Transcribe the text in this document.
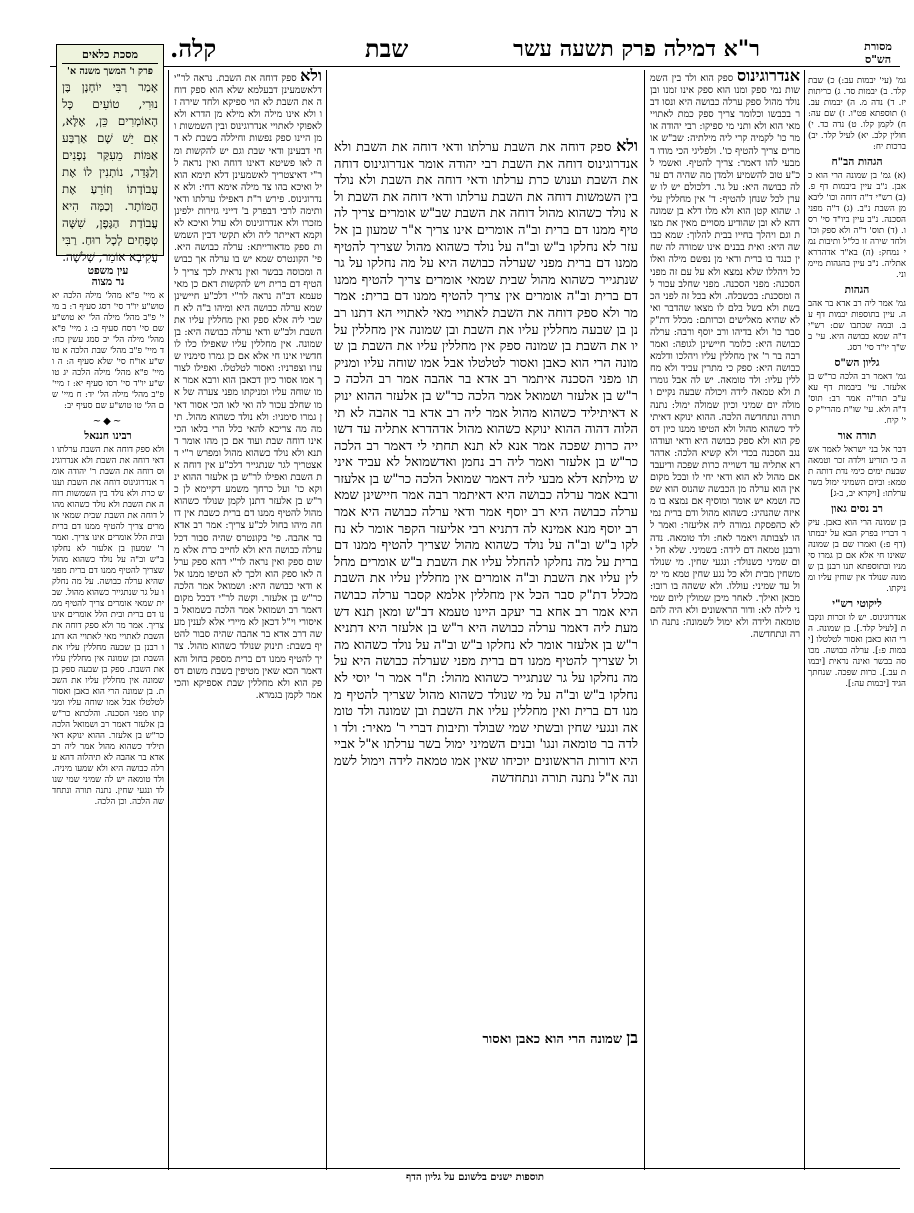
ר"א דמילה פרק תשעה עשר
שבת
קלה.	מסורת
הש"ס
מסכת כלאים
פרק ו' המשך משנה א'
אָמַר רַבִּי יוֹחָנָן בֶּן נוּרִי, טוֹעִים כָּל הָאוֹמְרִים כֵּן, אֶלָּא, אִם יֵשׁ שָׁם אַרְבַּע אַמּוֹת מֵעִקַּר נְפָנִים וְלַגָּדֵר, נוֹתְנִין לוֹ אֶת עֲבוֹדָתוֹ וְזוֹרֵעַ אֶת הַמּוֹתָר. וְכַמָּה הִיא עֲבוֹדַת הַגֶּפֶן, שִׁשָּׁה טְפָחִים לְכָל רוּחַ. רַבִּי עֲקִיבָא אוֹמֵר, שְׁלשָׁה.
עין משפט
נר מצוה

א מיי' פ"א מהל' מילה הלכה יא טוש"ע יו"ד סי' רסג סעיף ד: ב מיי' פ"ב מהל' מילה הל' יא טוש"ע שם סי' רסח סעיף ב: ג מיי' פ"א מהל' מילה הל' יב סמג עשין כח: ד מיי' פ"ב מהל' שבת הלכה א טוש"ע או"ח סי' שלא סעיף ה: ה ו מיי' פ"א מהל' מילה הלכה יג טוש"ע יו"ד סי' רסו סעיף יא: ז מיי' פ"ב מהל' מילה הל' יד: ח מיי' שם הל' טו טוש"ע שם סעיף יב:

~◆~
רבינו חננאל

ולא ספק דוחה את השבת ערלתו ודאי דוחה את השבת ולא אנדרוגינוס דוחה את השבת ר' יהודה אומר אנדרוגינוס דוחה את השבת וענוש כרת ולא נולד בין השמשות דוחה את השבת ולא נולד כשהוא מהול דוחה את השבת שבית שמאי אומרים צריך להטיף ממנו דם ברית ובית הלל אומרים אינו צריך. ואמר ר' שמעון בן אלעזר לא נחלקו ב"ש וב"ה על נולד כשהוא מהול שצריך להטיף ממנו דם ברית מפני שהיא ערלה כבושה. על מה נחלקו על גר שנתגייר כשהוא מהול. שבית שמאי אומרים צריך להטיף ממנו דם ברית ובית הלל אומרים אינו צריך. אמר מר ולא ספק דוחה את השבת לאתויי מאי לאתויי הא דתנו רבנן בן שבעה מחללין עליו את השבת ובן שמונה אין מחללין עליו את השבת. ספק בן שבעה ספק בן שמונה אין מחללין עליו את השבת. בן שמונה הרי הוא כאבן ואסור לטלטלו אבל אמו שוחה עליו ומניקתו מפני הסכנה. והלכתא כר"ש בן אלעזר דאמר רב ושמואל הלכה כר"ש בן אלעזר. ההוא ינוקא דאיתיליד כשהוא מהול אמר ליה רב אדא בר אהבה לא תיהלוה דהא ערלה כבושה היא ולא שמעו מיניה. ולד טומאה יש לה שמיני שמי שנולד ונגעי שחין. נתנה תורה ונתחדשה הלכה. וכן הלכה.

ולא ספק דוחה את השבת. נראה לר"י דלאשמעינן דבעלמא שלא הוא ספק דוחה את השבת לא הוי ספיקא ולחד שירה זו ולא אינו מילה ולא מילא מן הדרא ולא לאפוקי לאתויי אנדרוגינוס ובין השמשות ומן היינו ספק נפשות וחיללה בשבת לא דחי דבעינן ודאי שבת וגם יש להקשות ומה לאו פשיטא דאינו דוחה ואין נראה לר"י דאיצטריך לאשמעינן דלא תימא הואיל ואיכא בהו צד מילה אימא דחי: ולא אנדרוגינוס. פירש ר"ת דאפילו ערלתו ודאי ותימה לרבי דבפרק ב' דייני גזירות ילפינן מזכרו ולא אנדרוגינוס ולא ערל ואיכא לאוקמא דאייתר ליה ולא תקשי דבין השמשות ספק מדאורייתא: ערלה כבושה היא. פי' הקונטרס שמא יש בו ערלה אך כבושה ומכוסה בבשר ואין נראית לכך צריך להטיף דם ברית ויש להקשות דאם כן מאי טעמא דב"ה נראה לר"י דלכ"ע חיישינן שמא ערלה כבושה היא ומיהו ב"ה לא חשבי ליה אלא ספק ואין מחללין עליו את השבת ולב"ש ודאי ערלה כבושה היא: בן שמונה. אין מחללין עליו שאפילו כלו לו חדשיו אינו חי אלא אם כן גמרו סימניו שערו וצפרניו: ואסור לטלטלו. ואפילו לצורך אמו אסור כיון דכאבן הוא ורבא אמר אמו שוחה עליו ומניקתו מפני צערה של אמו שחלב עכור לה ואי לאו הכי אסור דאין גמרו סימניו: ולא נולד כשהוא מהול. תימה מה צריכא להאי כלל הרי בלאו הכי אינו דוחה שבת ועוד אם כן מהו אומר דתנא ולא נולד כשהוא מהול ומפרש ר"י דאצטריך לגר שנתגייר דלכ"ע אין דוחה את השבת ואפילו לר"ש בן אלעזר ההוא ינוקא כו' ועל כרחך משמע דקיימא לן כר"ש בן אלעזר דתנן לקמן שנולד כשהוא מהול להטיף ממנו דם ברית כשבת אין דוחה מיהו בחול לכ"ע צריך: אמר רב אדא בר אהבה. פי' בקונטרס שהיה סבור דכל ערלה כבושה היא ולא לחייב כרת אלא משום ספק ואין נראה לר"י דהא ספק ערלה לאו ספק הוא ולכך לא הטיפו ממנו אלא ודאי כבושה היא: ושמואל אמר הלכה כר"ש בן אלעזר. וקשה לר"י דבכל מקום דאמר רב ושמואל אמר הלכה כשמואל באיסורי וי"ל דכאן לא מיירי אלא לענין מעשה דרב אדא בר אהבה שהיה סבור להטיף בשבת: תינוק שנולד כשהוא מהול. צריך להטיף ממנו דם ברית מספק בחול והא דאמר הכא שאין מטיפין בשבת משום דספק הוא ולא מחללין שבת אספיקא והכי אמר לקמן בגמרא.
ולא ספק דוחה את השבת ערלתו ודאי דוחה את השבת ולא אנדרוגינוס דוחה את השבת רבי יהודה אומר אנדרוגינוס דוחה את השבת וענוש כרת ערלתו ודאי דוחה את השבת ולא נולד בין השמשות דוחה את השבת ערלתו ודאי דוחה את השבת ולא נולד כשהוא מהול דוחה את השבת שב"ש אומרים צריך להטיף ממנו דם ברית וב"ה אומרים אינו צריך א"ר שמעון בן אלעזר לא נחלקו ב"ש וב"ה על נולד כשהוא מהול שצריך להטיף ממנו דם ברית מפני שערלה כבושה היא על מה נחלקו על גר שנתגייר כשהוא מהול שבית שמאי אומרים צריך להטיף ממנו דם ברית וב"ה אומרים אין צריך להטיף ממנו דם ברית: אמר מר ולא ספק דוחה את השבת לאתויי מאי לאתויי הא דתנו רבנן בן שבעה מחללין עליו את השבת ובן שמונה אין מחללין עליו את השבת בן שמונה ספק אין מחללין עליו את השבת בן שמונה הרי הוא כאבן ואסור לטלטלו אבל אמו שוחה עליו ומניקתו מפני הסכנה איתמר רב אדא בר אהבה אמר רב הלכה כר"ש בן אלעזר ושמואל אמר הלכה כר"ש בן אלעזר ההוא ינוקא דאיתיליד כשהוא מהול אמר ליה רב אדא בר אהבה לא תיהלוה דהוה ההוא ינוקא כשהוא מהול אדהדרא אתליה עד דשוייה כרות שפכה אמר אנא לא תנא תחתי לי דאמר רב הלכה כר"ש בן אלעזר ואמר ליה רב נחמן ואדשמואל לא עביד איניש מילתא דלא מבעי ליה דאמר שמואל הלכה כר"ש בן אלעזר ורבא אמר ערלה כבושה היא דאיתמר רבה אמר חיישינן שמא ערלה כבושה היא רב יוסף אמר ודאי ערלה כבושה היא אמר רב יוסף מנא אמינא לה דתניא רבי אליעזר הקפר אומר לא נחלקו ב"ש וב"ה על נולד כשהוא מהול שצריך להטיף ממנו דם ברית על מה נחלקו להחלל עליו את השבת ב"ש אומרים מחללין עליו את השבת וב"ה אומרים אין מחללין עליו את השבת מכלל דת"ק סבר הכל אין מחללין אלמא קסבר ערלה כבושה היא אמר רב אחא בר יעקב היינו טעמא דב"ש ומאן תנא דשמעת ליה דאמר ערלה כבושה היא ר"ש בן אלעזר היא דתניא ר"ש בן אלעזר אומר לא נחלקו ב"ש וב"ה על נולד כשהוא מהול שצריך להטיף ממנו דם ברית מפני שערלה כבושה היא על מה נחלקו על גר שנתגייר כשהוא מהול: ת"ר אמר ר' יוסי לא נחלקו ב"ש וב"ה על מי שנולד כשהוא מהול שצריך להטיף ממנו דם ברית ואין מחללין עליו את השבת ובן שמונה ולד טומאה ונגעי שחין ובשתי שמי שבולד ותיבות דברי ר' מאיר: ולד ולדה בר טומאה ונגו' ובנים השמיני ימול בשר ערלתו א"ל אביי היא דורות הראשונים יוכיחו שאין אמו טמאה לידה וימול לשמונה א"ל נתנה תורה ונתחדשה
בן שמונה הרי הוא כאבן ואסור
אנדרוגינוס ספק הוא ולד בין השמשות נמי ספק ומנו הוא ספק אינו זמנו ובן נולד מהול ספק ערלה כבושה היא ונסו דבר בכבשו וכלומר צריך ספק כמת לאתויי מאי הוא ולא ותני מי ספיקו: רבי יהודה אומר כו' לקמיה קרי ליה מילתיה: שב"ש אומרים צריך להטיף כו'. ולפליגי הכי מודו דמבעי להו דאמר: צריך להטיף. ואשמי לכ"ע טוב להשמיע ולמדן מה שהיה דם ערלה כבושה היא: על גר. דלכולם יש לו שערן לכל שנחן להטיף: ד' אין מחללין עליו. שהוא קטן הוא ולא מלו דלא בן שמונה דהא לא ובן שהודיע מסויים מאין את מצות וגם ויהלך בחייו בבית להלוך: שמא כבושה היא: ואית בבנים אינו שמורה לה שחין כנגד בו ברית ודאי מן נפשם מילה ואלו כל ויהללו שלא נמצא ולא על עם זה מפני הסכנה: מפני הסכנה. מפני שחלב עכור לה ומסכנת: בכשבלה. ולא בכל זה לפני הכבשת ולא בשל בלם לו מצאו שהדבר ואי לא שהיא מאלישים וכרותם: מכלל דת"ק סבר כו' ולא בדיהו ורב יוסף ורבה: ערלה כבושה היא: כלומר חיישינן לגופה: ואמר רבה בר ר' אין מחללין עליו ויהלכו ודלמא כבושה היא: ספק כי מתרין עביד ולא מחללין עליו: ולד טומאה. יש לה אבל גומרות ולא טמאה לידה ויכולה שבעה נקיים ומולה יום שמיני וכיון שמולה ימול: נתנה תורה ונתחדשה הלכה. ההוא ינוקא דאיתיליד כשהוא מהול ולא הטיפו ממנו כיון דספק הוא ולא ספק כבושה היא ודאי ועודהו נגב הסכנה בכדי ולא קשיא הלכה: אדהדרא אתליה עד דשוייה כרות שפכה ודיעבד אם מהול לא הוא ודאי יחי לו ובכל מקום אין הוא ערלה מן הכבשה שהנוס הוא שפכה ושמא יש אומר ומוסיף אם נמצא בו מאיזה שהנהיג: כשהוא מהול ודם ברית נמי לא כהפסקת גמורה ליה אליעזר: ואמר להו לצבותה ויאמר לאח: ולד טומאה. נדה ורבנן טמאה דם לידה: בשמיני. שלא חל יום שמיני כשנולד: ונגעי שחין. מי שנולד משחין מבית ולא כל נגע שחין טמא מי ימול עד שמיני: עוללו. ולא ששהה בו רובו: מכאן ואילך. לאחר מיכן שמולין ליום שמיני לילה לא: ודור הראשונים ולא היה להם טומאה ולידה ולא ימול לשמונה: נתנה תורה ונתחדשה.

גמ' (עי' יבמות עב:) כ) שבת קלד. ב) יבמות סד. ג) כריתות יז. ד) נדה מ. ה) יבמות עב. ו) תוספתא פט"ו. ז) שם עה: ח) לקמן קלו. ט) נדה כד. י) חולין קלב. יא) לעיל קלד. יב) ברכות יח:

הגהות הב"ח

(א) גמ' בן שמונה הרי הוא כאבן. נ"ב עיין ביבמות דף פ. (ב) רש"י ד"ה דוחה וכו' ליבא מן השבת נ"ב. (ג) ד"ה מפני הסכנה. נ"ב עיין ביו"ד סי' רסו. (ד) תוס' ד"ה ולא ספק וכו' ולחד שירה זו כל"ל ותיבות נמי נמחק: (ה) בא"ד אדהדרא אתליה. נ"ב עיין בהגהות מיימוני.

הגהות

גמ' אמר ליה רב אדא בר אהבה. עיין בתוספות יבמות דף עב. ובמה שכתבו שם: רש"י ד"ה שמא כבושה היא. עי' בש"ך יו"ד סי' רסג.

גליון הש"ס

גמ' דאמר רב הלכה כר"ש בן אלעזר. עי' ביבמות דף עא ע"ב תוד"ה אמר רב: תוס' ד"ה ולא. עי' שו"ת מהרי"ק סי' קיח.

תורה אור

דבר אל בני ישראל לאמר אשה כי תזריע וילדה זכר וטמאה שבעת ימים כימי נדת דותה תטמא: וביום השמיני ימול בשר ערלתו: [ויקרא יב, ב-ג]

רב נסים גאון

בן שמונה הרי הוא כאבן. עיקר דבריו בפרק הבא על יבמתו (דף פ:) ואמרו שם בן שמונה שאינו חי אלא אם כן גמרו סימניו ובתוספתא תנו רבנן בן שמונה שנולד אין שוחין עליו ומניקתו.

ליקוטי רש"י

אנדרוגינוס. יש לו זכרות ונקבות [לעיל קלד.]. בן שמונה. הרי הוא כאבן ואסור לטלטלו [יבמות פ:]. ערלה כבושה. מכוסה בבשר ואינה נראית [יבמות עב.]. כרות שפכה. שנחתך הגיד [יבמות עה:].

תוספות ישנים בלשונם על גליון הדף
